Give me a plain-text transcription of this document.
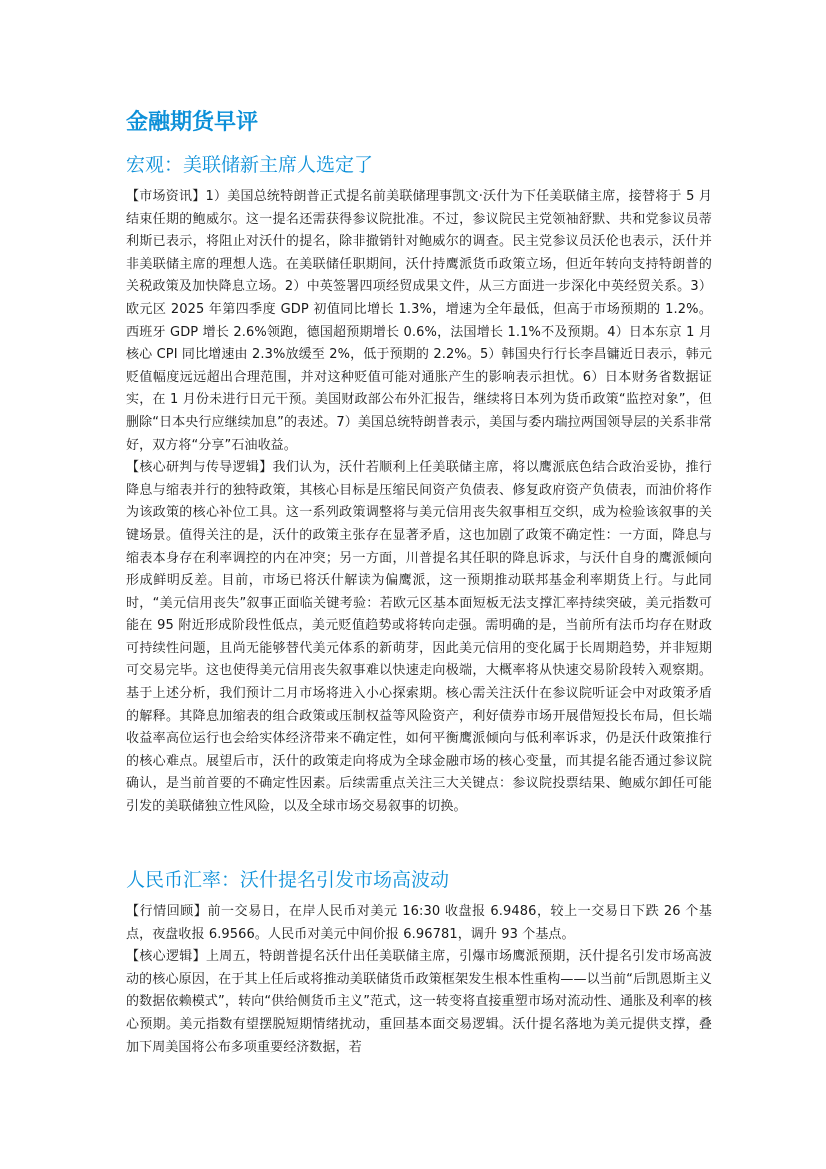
金融期货早评
宏观：美联储新主席人选定了

【市场资讯】1）美国总统特朗普正式提名前美联储理事凯文·沃什为下任美联储主席，接替将于 5 月结束任期的鲍威尔。这一提名还需获得参议院批准。不过，参议院民主党领袖舒默、共和党参议员蒂利斯已表示，将阻止对沃什的提名，除非撤销针对鲍威尔的调查。民主党参议员沃伦也表示，沃什并非美联储主席的理想人选。在美联储任职期间，沃什持鹰派货币政策立场，但近年转向支持特朗普的关税政策及加快降息立场。2）中英签署四项经贸成果文件，从三方面进一步深化中英经贸关系。3）欧元区 2025 年第四季度 GDP 初值同比增长 1.3%，增速为全年最低，但高于市场预期的 1.2%。西班牙 GDP 增长 2.6%领跑，德国超预期增长 0.6%，法国增长 1.1%不及预期。4）日本东京 1 月核心 CPI 同比增速由 2.3%放缓至 2%，低于预期的 2.2%。5）韩国央行行长李昌镛近日表示，韩元贬值幅度远远超出合理范围，并对这种贬值可能对通胀产生的影响表示担忧。6）日本财务省数据证实，在 1 月份未进行日元干预。美国财政部公布外汇报告，继续将日本列为货币政策“监控对象”，但删除“日本央行应继续加息”的表述。7）美国总统特朗普表示，美国与委内瑞拉两国领导层的关系非常好，双方将“分享”石油收益。

【核心研判与传导逻辑】我们认为，沃什若顺利上任美联储主席，将以鹰派底色结合政治妥协，推行降息与缩表并行的独特政策，其核心目标是压缩民间资产负债表、修复政府资产负债表，而油价将作为该政策的核心补位工具。这一系列政策调整将与美元信用丧失叙事相互交织，成为检验该叙事的关键场景。值得关注的是，沃什的政策主张存在显著矛盾，这也加剧了政策不确定性：一方面，降息与缩表本身存在利率调控的内在冲突；另一方面，川普提名其任职的降息诉求，与沃什自身的鹰派倾向形成鲜明反差。目前，市场已将沃什解读为偏鹰派，这一预期推动联邦基金利率期货上行。与此同时，“美元信用丧失”叙事正面临关键考验：若欧元区基本面短板无法支撑汇率持续突破，美元指数可能在 95 附近形成阶段性低点，美元贬值趋势或将转向走强。需明确的是，当前所有法币均存在财政可持续性问题，且尚无能够替代美元体系的新萌芽，因此美元信用的变化属于长周期趋势，并非短期可交易完毕。这也使得美元信用丧失叙事难以快速走向极端，大概率将从快速交易阶段转入观察期。基于上述分析，我们预计二月市场将进入小心探索期。核心需关注沃什在参议院听证会中对政策矛盾的解释。其降息加缩表的组合政策或压制权益等风险资产，利好债券市场开展借短投长布局，但长端收益率高位运行也会给实体经济带来不确定性，如何平衡鹰派倾向与低利率诉求，仍是沃什政策推行的核心难点。展望后市，沃什的政策走向将成为全球金融市场的核心变量，而其提名能否通过参议院确认，是当前首要的不确定性因素。后续需重点关注三大关键点：参议院投票结果、鲍威尔卸任可能引发的美联储独立性风险，以及全球市场交易叙事的切换。

人民币汇率：沃什提名引发市场高波动

【行情回顾】前一交易日，在岸人民币对美元 16:30 收盘报 6.9486，较上一交易日下跌 26 个基点，夜盘收报 6.9566。人民币对美元中间价报 6.96781，调升 93 个基点。

【核心逻辑】上周五，特朗普提名沃什出任美联储主席，引爆市场鹰派预期，沃什提名引发市场高波动的核心原因，在于其上任后或将推动美联储货币政策框架发生根本性重构——以当前“后凯恩斯主义的数据依赖模式”，转向“供给侧货币主义”范式，这一转变将直接重塑市场对流动性、通胀及利率的核心预期。美元指数有望摆脱短期情绪扰动，重回基本面交易逻辑。沃什提名落地为美元提供支撑，叠加下周美国将公布多项重要经济数据，若
